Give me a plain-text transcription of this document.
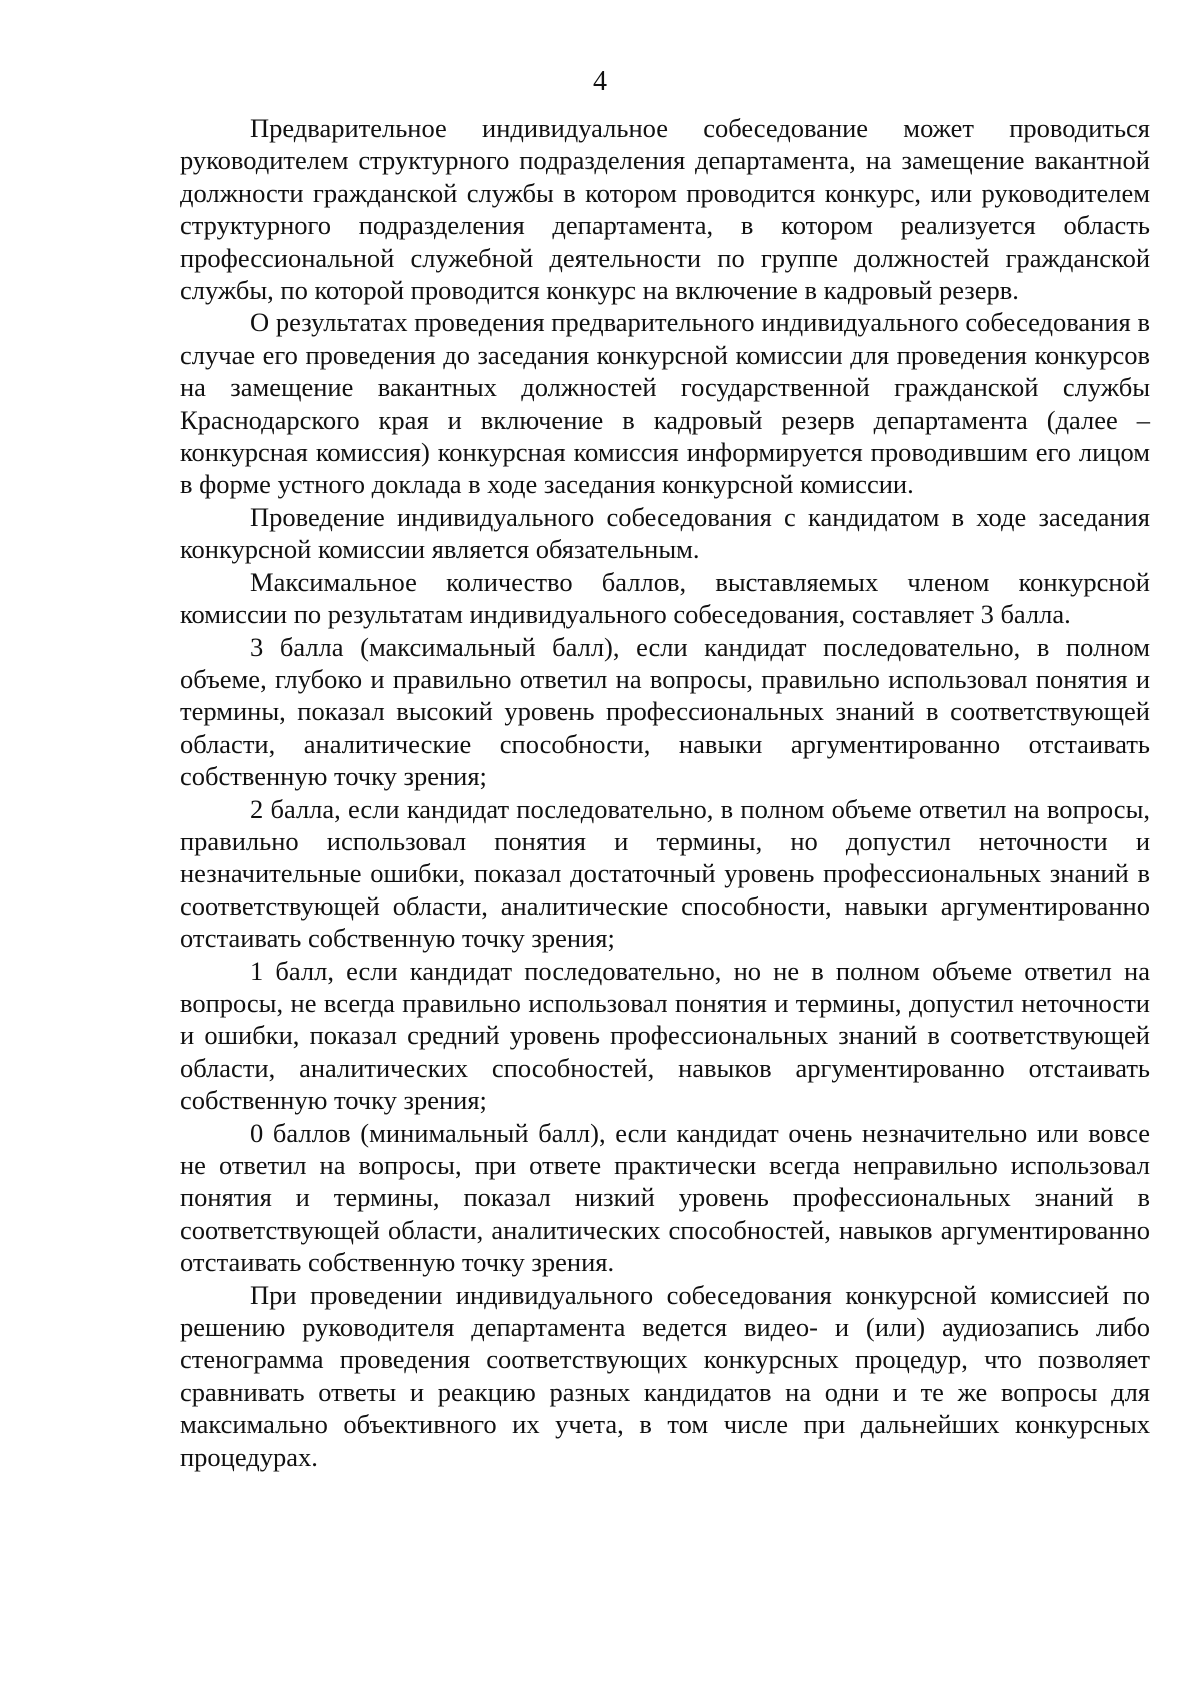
4

Предварительное индивидуальное собеседование может проводиться руководителем структурного подразделения департамента, на замещение вакантной должности гражданской службы в котором проводится конкурс, или руководителем структурного подразделения департамента, в котором реализуется область профессиональной служебной деятельности по группе должностей гражданской службы, по которой проводится конкурс на включение в кадровый резерв.

О результатах проведения предварительного индивидуального собеседования в случае его проведения до заседания конкурсной комиссии для проведения конкурсов на замещение вакантных должностей государственной гражданской службы Краснодарского края и включение в кадровый резерв департамента (далее – конкурсная комиссия) конкурсная комиссия информируется проводившим его лицом в форме устного доклада в ходе заседания конкурсной комиссии.

Проведение индивидуального собеседования с кандидатом в ходе заседания конкурсной комиссии является обязательным.

Максимальное количество баллов, выставляемых членом конкурсной комиссии по результатам индивидуального собеседования, составляет 3 балла.

3 балла (максимальный балл), если кандидат последовательно, в полном объеме, глубоко и правильно ответил на вопросы, правильно использовал понятия и термины, показал высокий уровень профессиональных знаний в соответствующей области, аналитические способности, навыки аргументированно отстаивать собственную точку зрения;

2 балла, если кандидат последовательно, в полном объеме ответил на вопросы, правильно использовал понятия и термины, но допустил неточности и незначительные ошибки, показал достаточный уровень профессиональных знаний в соответствующей области, аналитические способности, навыки аргументированно отстаивать собственную точку зрения;

1 балл, если кандидат последовательно, но не в полном объеме ответил на вопросы, не всегда правильно использовал понятия и термины, допустил неточности и ошибки, показал средний уровень профессиональных знаний в соответствующей области, аналитических способностей, навыков аргументированно отстаивать собственную точку зрения;

0 баллов (минимальный балл), если кандидат очень незначительно или вовсе не ответил на вопросы, при ответе практически всегда неправильно использовал понятия и термины, показал низкий уровень профессиональных знаний в соответствующей области, аналитических способностей, навыков аргументированно отстаивать собственную точку зрения.

При проведении индивидуального собеседования конкурсной комиссией по решению руководителя департамента ведется видео- и (или) аудиозапись либо стенограмма проведения соответствующих конкурсных процедур, что позволяет сравнивать ответы и реакцию разных кандидатов на одни и те же вопросы для максимально объективного их учета, в том числе при дальнейших конкурсных процедурах.
